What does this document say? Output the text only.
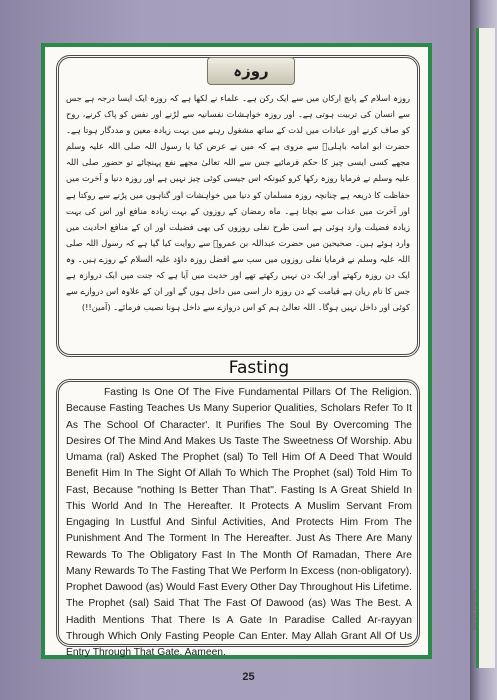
Book Farms
روزہ
روزہ اسلام کے پانچ ارکان میں سے ایک رکن ہے۔ علماء نے لکھا ہے کہ روزہ ایک ایسا درجہ ہے جس سے انسان کی تربیت ہوتی ہے۔ اور روزہ خواہشات نفسانیہ سے لڑنے اور نفس کو پاک کرنے، روح کو صاف کرنے اور عبادات میں لذت کے ساتھ مشغول رہنے میں بہت زیادہ معین و مددگار ہوتا ہے۔ حضرت ابو امامہ باہلیؓ سے مروی ہے کہ میں نے عرض کیا یا رسول اللہ صلی اللہ علیہ وسلم مجھے کسی ایسی چیز کا حکم فرمائیے جس سے اللہ تعالیٰ مجھے نفع پہنچائے تو حضور صلی اللہ علیہ وسلم نے فرمایا روزہ رکھا کرو کیونکہ اس جیسی کوئی چیز نہیں ہے اور روزہ دنیا و آخرت میں حفاظت کا ذریعہ ہے چنانچہ روزہ مسلمان کو دنیا میں خواہشات اور گناہوں میں پڑنے سے روکتا ہے اور آخرت میں عذاب سے بچاتا ہے۔ ماہ رمضان کے روزوں کے بہت زیادہ منافع اور اس کی بہت زیادہ فضیلت وارد ہوئی ہے اسی طرح نفلی روزوں کی بھی فضیلت اور ان کے منافع احادیث میں وارد ہوئے ہیں۔ صحیحین میں حضرت عبداللہ بن عمروؓ سے روایت کیا گیا ہے کہ رسول اللہ صلی اللہ علیہ وسلم نے فرمایا نفلی روزوں میں سب سے افضل روزہ داؤد علیہ السلام کے روزے ہیں۔ وہ ایک دن روزہ رکھتے اور ایک دن نہیں رکھتے تھے اور حدیث میں آیا ہے کہ جنت میں ایک دروازہ ہے جس کا نام ریان ہے قیامت کے دن روزہ دار اسی میں داخل ہوں گے اور ان کے علاوہ اس دروازے سے کوئی اور داخل نہیں ہوگا۔ اللہ تعالیٰ ہم کو اس دروازے سے داخل ہونا نصیب فرمائے۔ (آمین!!)
Fasting
Fasting Is One Of The Five Fundamental Pillars Of The Religion. Because Fasting Teaches Us Many Superior Qualities, Scholars Refer To It As The School Of Character'. It Purifies The Soul By Overcoming The Desires Of The Mind And Makes Us Taste The Sweetness Of Worship. Abu Umama (ral) Asked The Prophet (sal) To Tell Him Of A Deed That Would Benefit Him In The Sight Of Allah To Which The Prophet (sal) Told Him To Fast, Because "nothing Is Better Than That". Fasting Is A Great Shield In This World And In The Hereafter. It Protects A Muslim Servant From Engaging In Lustful And Sinful Activities, And Protects Him From The Punishment And The Torment In The Hereafter. Just As There Are Many Rewards To The Obligatory Fast In The Month Of Ramadan, There Are Many Rewards To The Fasting That We Perform In Excess (non-obligatory). Prophet Dawood (as) Would Fast Every Other Day Throughout His Lifetime. The Prophet (sal) Said That The Fast Of Dawood (as) Was The Best. A Hadith Mentions That There Is A Gate In Paradise Called Ar-rayyan Through Which Only Fasting People Can Enter. May Allah Grant All Of Us Entry Through That Gate. Aameen.
25
